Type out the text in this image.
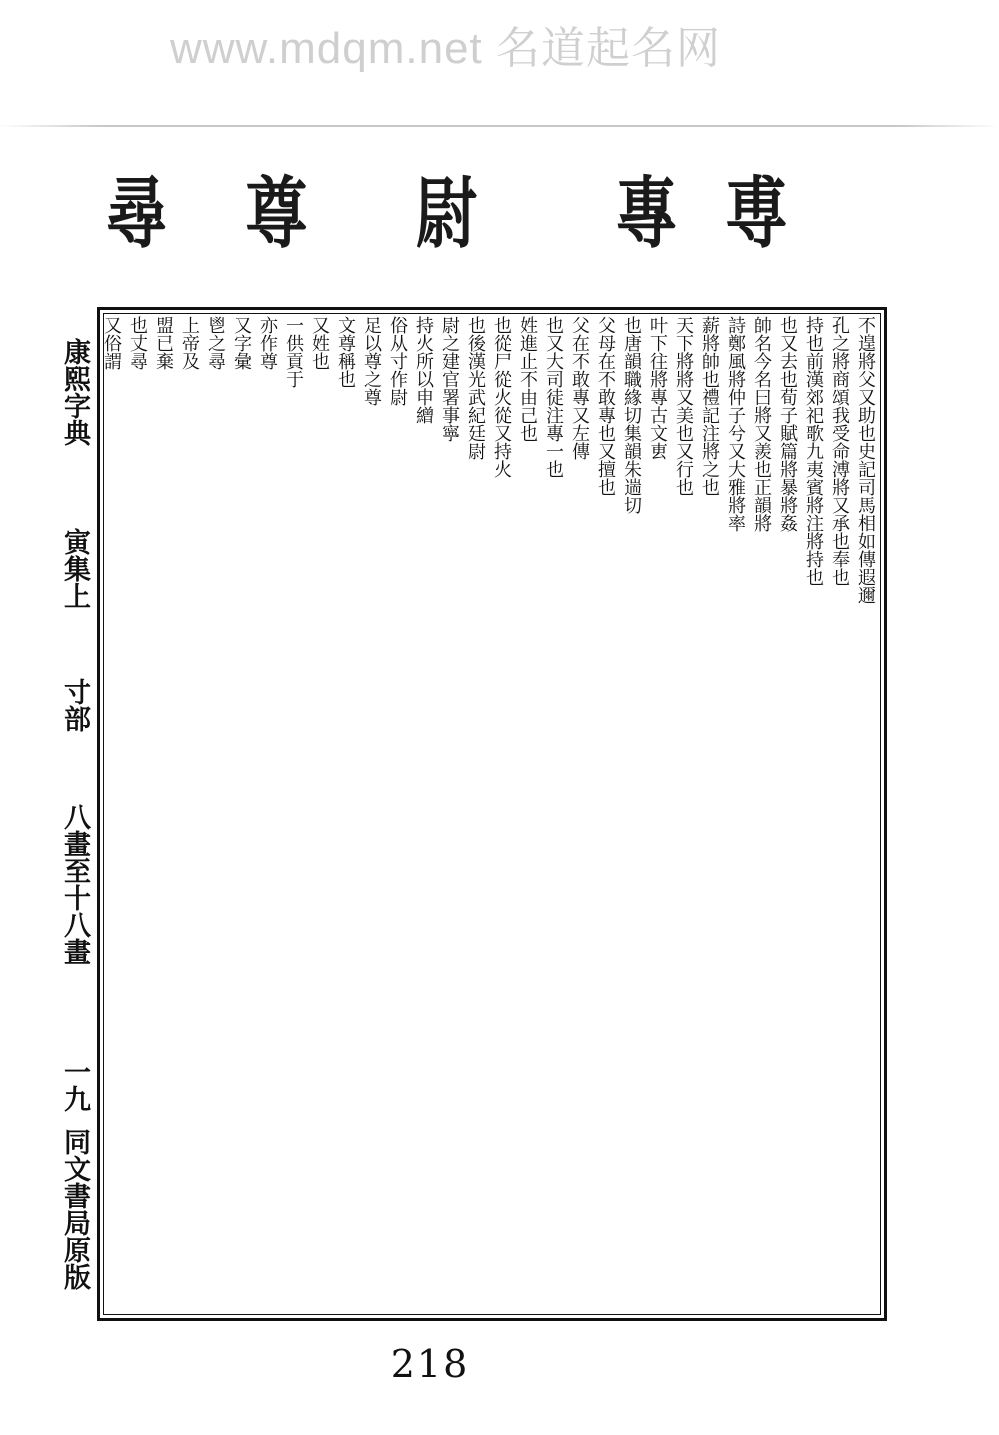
www.mdqm.net 名道起名网
尋 尊 尉 專 尃
康熙字典
寅集上
寸部
八畫至十八畫
一九
同文書局原版
不遑將父又助也史記司馬相如傳遐邇
孔之將商頌我受命溥將又承也奉也
持也前漢郊祀歌九夷賓將注將持也
也又去也荀子賦篇將暴將姦
帥名今名曰將又羨也正韻將
詩鄭風將仲子兮又大雅將率
薪將帥也禮記注將之也
天下將將又美也又行也
叶下往將專古文叀
也唐韻職緣切集韻朱遄切
父母在不敢專也又擅也
父在不敢專又左傳
也又大司徒注專一也
姓進止不由己也
也從尸從火從又持火
也後漢光武紀廷尉
尉之建官署事寧
持火所以申繒
俗从寸作尉
足以尊之尊
文尊稱也
又姓也
一供貢于
亦作尊
又字彙
鬯之尋
上帝及
盟已棄
也丈尋
又俗謂
218
